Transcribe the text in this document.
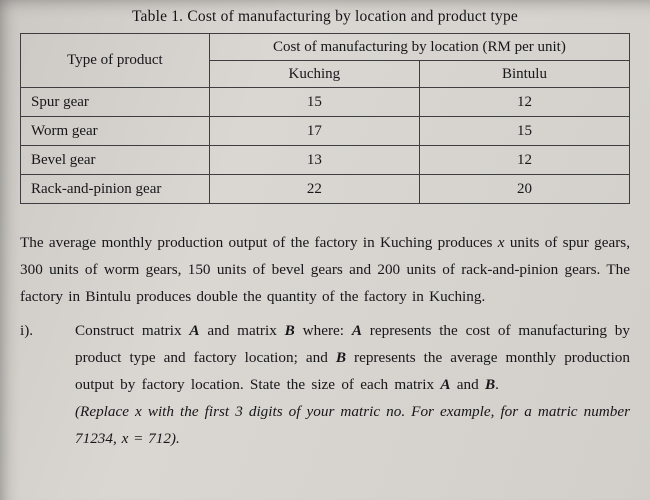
Table 1. Cost of manufacturing by location and product type
Type of product	Cost of manufacturing by location (RM per unit)	
	Kuching	Bintulu
Spur gear	15	12
Worm gear	17	15
Bevel gear	13	12
Rack-and-pinion gear	22	20

The average monthly production output of the factory in Kuching produces x units of spur gears, 300 units of worm gears, 150 units of bevel gears and 200 units of rack-and-pinion gears. The factory in Bintulu produces double the quantity of the factory in Kuching.

i).	Construct matrix A and matrix B where: A represents the cost of manufacturing by product type and factory location; and B represents the average monthly production output by factory location. State the size of each matrix A and B.

(Replace x with the first 3 digits of your matric no. For example, for a matric number 71234, x = 712).
